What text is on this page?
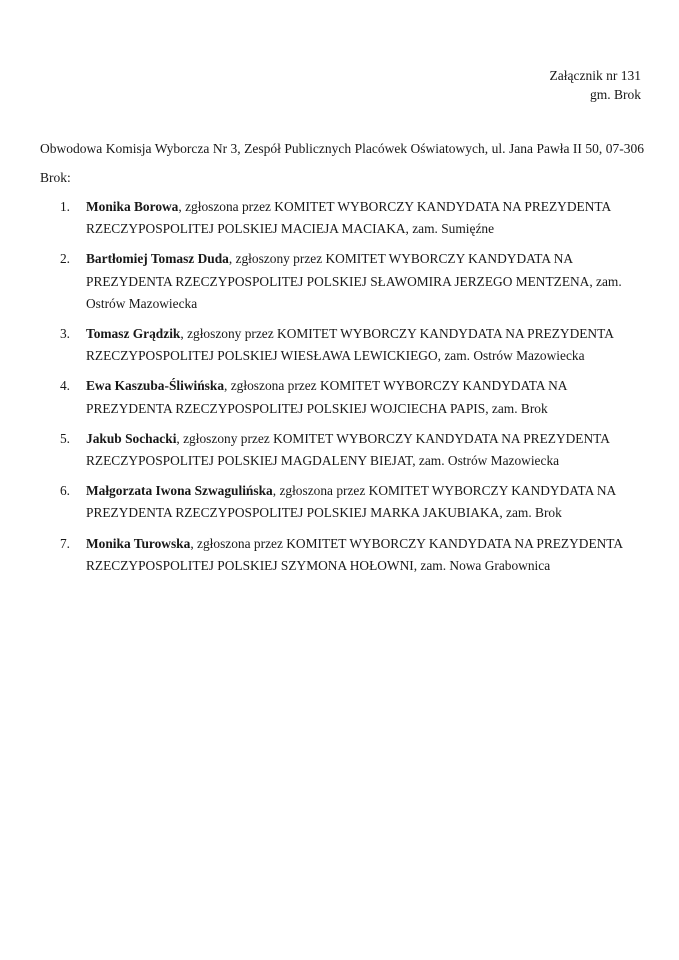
Załącznik nr 131
gm. Brok

Obwodowa Komisja Wyborcza Nr 3, Zespół Publicznych Placówek Oświatowych, ul. Jana Pawła II 50, 07-306 Brok:

1. Monika Borowa, zgłoszona przez KOMITET WYBORCZY KANDYDATA NA PREZYDENTA RZECZYPOSPOLITEJ POLSKIEJ MACIEJA MACIAKA, zam. Sumięźne
2. Bartłomiej Tomasz Duda, zgłoszony przez KOMITET WYBORCZY KANDYDATA NA PREZYDENTA RZECZYPOSPOLITEJ POLSKIEJ SŁAWOMIRA JERZEGO MENTZENA, zam. Ostrów Mazowiecka
3. Tomasz Grądzik, zgłoszony przez KOMITET WYBORCZY KANDYDATA NA PREZYDENTA RZECZYPOSPOLITEJ POLSKIEJ WIESŁAWA LEWICKIEGO, zam. Ostrów Mazowiecka
4. Ewa Kaszuba-Śliwińska, zgłoszona przez KOMITET WYBORCZY KANDYDATA NA PREZYDENTA RZECZYPOSPOLITEJ POLSKIEJ WOJCIECHA PAPIS, zam. Brok
5. Jakub Sochacki, zgłoszony przez KOMITET WYBORCZY KANDYDATA NA PREZYDENTA RZECZYPOSPOLITEJ POLSKIEJ MAGDALENY BIEJAT, zam. Ostrów Mazowiecka
6. Małgorzata Iwona Szwagulińska, zgłoszona przez KOMITET WYBORCZY KANDYDATA NA PREZYDENTA RZECZYPOSPOLITEJ POLSKIEJ MARKA JAKUBIAKA, zam. Brok
7. Monika Turowska, zgłoszona przez KOMITET WYBORCZY KANDYDATA NA PREZYDENTA RZECZYPOSPOLITEJ POLSKIEJ SZYMONA HOŁOWNI, zam. Nowa Grabownica
